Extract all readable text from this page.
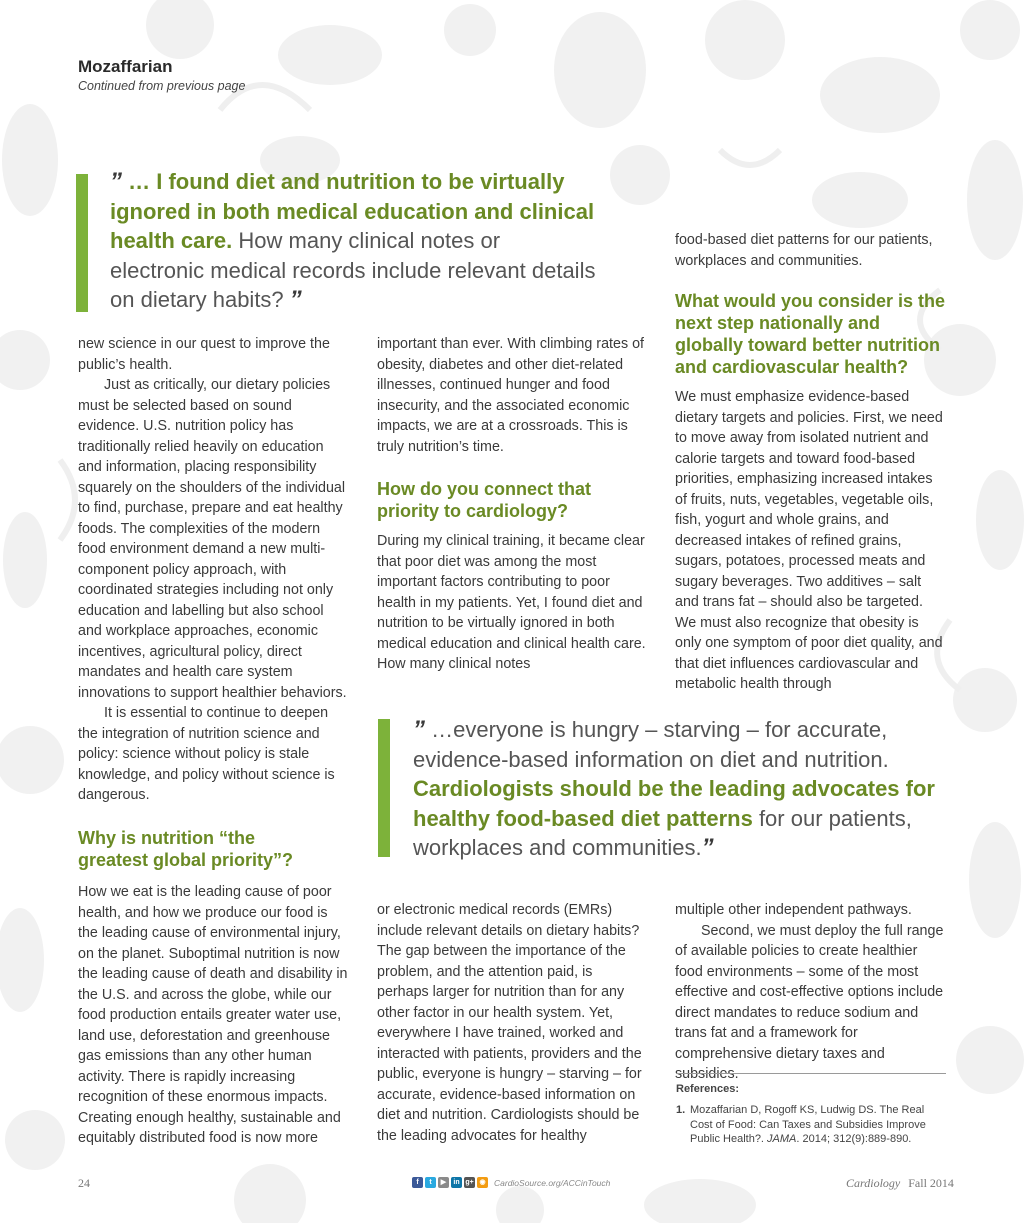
Mozaffarian
Continued from previous page
” … I found diet and nutrition to be virtually ignored in both medical education and clinical health care. How many clinical notes or electronic medical records include relevant details on dietary habits? ”
” …everyone is hungry – starving – for accurate, evidence-based information on diet and nutrition. Cardiologists should be the leading advocates for healthy food-based diet patterns for our patients, workplaces and communities.”

new science in our quest to improve the public’s health.

Just as critically, our dietary policies must be selected based on sound evidence. U.S. nutrition policy has traditionally relied heavily on education and information, placing responsibility squarely on the shoulders of the individual to find, purchase, prepare and eat healthy foods. The complexities of the modern food environment demand a new multi-component policy approach, with coordinated strategies including not only education and labelling but also school and workplace approaches, economic incentives, agricultural policy, direct mandates and health care system innovations to support healthier behaviors.

It is essential to continue to deepen the integration of nutrition science and policy: science without policy is stale knowledge, and policy without science is dangerous.

Why is nutrition “the greatest global priority”?

How we eat is the leading cause of poor health, and how we produce our food is the leading cause of environmental injury, on the planet. Suboptimal nutrition is now the leading cause of death and disability in the U.S. and across the globe, while our food production entails greater water use, land use, deforestation and greenhouse gas emissions than any other human activity. There is rapidly increasing recognition of these enormous impacts. Creating enough healthy, sustainable and equitably distributed food is now more

important than ever. With climbing rates of obesity, diabetes and other diet-related illnesses, continued hunger and food insecurity, and the associated economic impacts, we are at a crossroads. This is truly nutrition’s time.

How do you connect that priority to cardiology?

During my clinical training, it became clear that poor diet was among the most important factors contributing to poor health in my patients. Yet, I found diet and nutrition to be virtually ignored in both medical education and clinical health care. How many clinical notes

or electronic medical records (EMRs) include relevant details on dietary habits? The gap between the importance of the problem, and the attention paid, is perhaps larger for nutrition than for any other factor in our health system. Yet, everywhere I have trained, worked and interacted with patients, providers and the public, everyone is hungry – starving – for accurate, evidence-based information on diet and nutrition. Cardiologists should be the leading advocates for healthy

food-based diet patterns for our patients, workplaces and communities.

What would you consider is the next step nationally and globally toward better nutrition and cardiovascular health?

We must emphasize evidence-based dietary targets and policies. First, we need to move away from isolated nutrient and calorie targets and toward food-based priorities, emphasizing increased intakes of fruits, nuts, vegetables, vegetable oils, fish, yogurt and whole grains, and decreased intakes of refined grains, sugars, potatoes, processed meats and sugary beverages. Two additives – salt and trans fat – should also be targeted. We must also recognize that obesity is only one symptom of poor diet quality, and that diet influences cardiovascular and metabolic health through

multiple other independent pathways.

Second, we must deploy the full range of available policies to create healthier food environments – some of the most effective and cost-effective options include direct mandates to reduce sodium and trans fat and a framework for comprehensive dietary taxes and subsidies.

References:
1. Mozaffarian D, Rogoff KS, Ludwig DS. The Real Cost of Food: Can Taxes and Subsidies Improve Public Health?. JAMA. 2014; 312(9):889-890.
24	f	t	▶	in g+ ◉ CardioSource.org/ACCinTouch	Cardiology Fall 2014
